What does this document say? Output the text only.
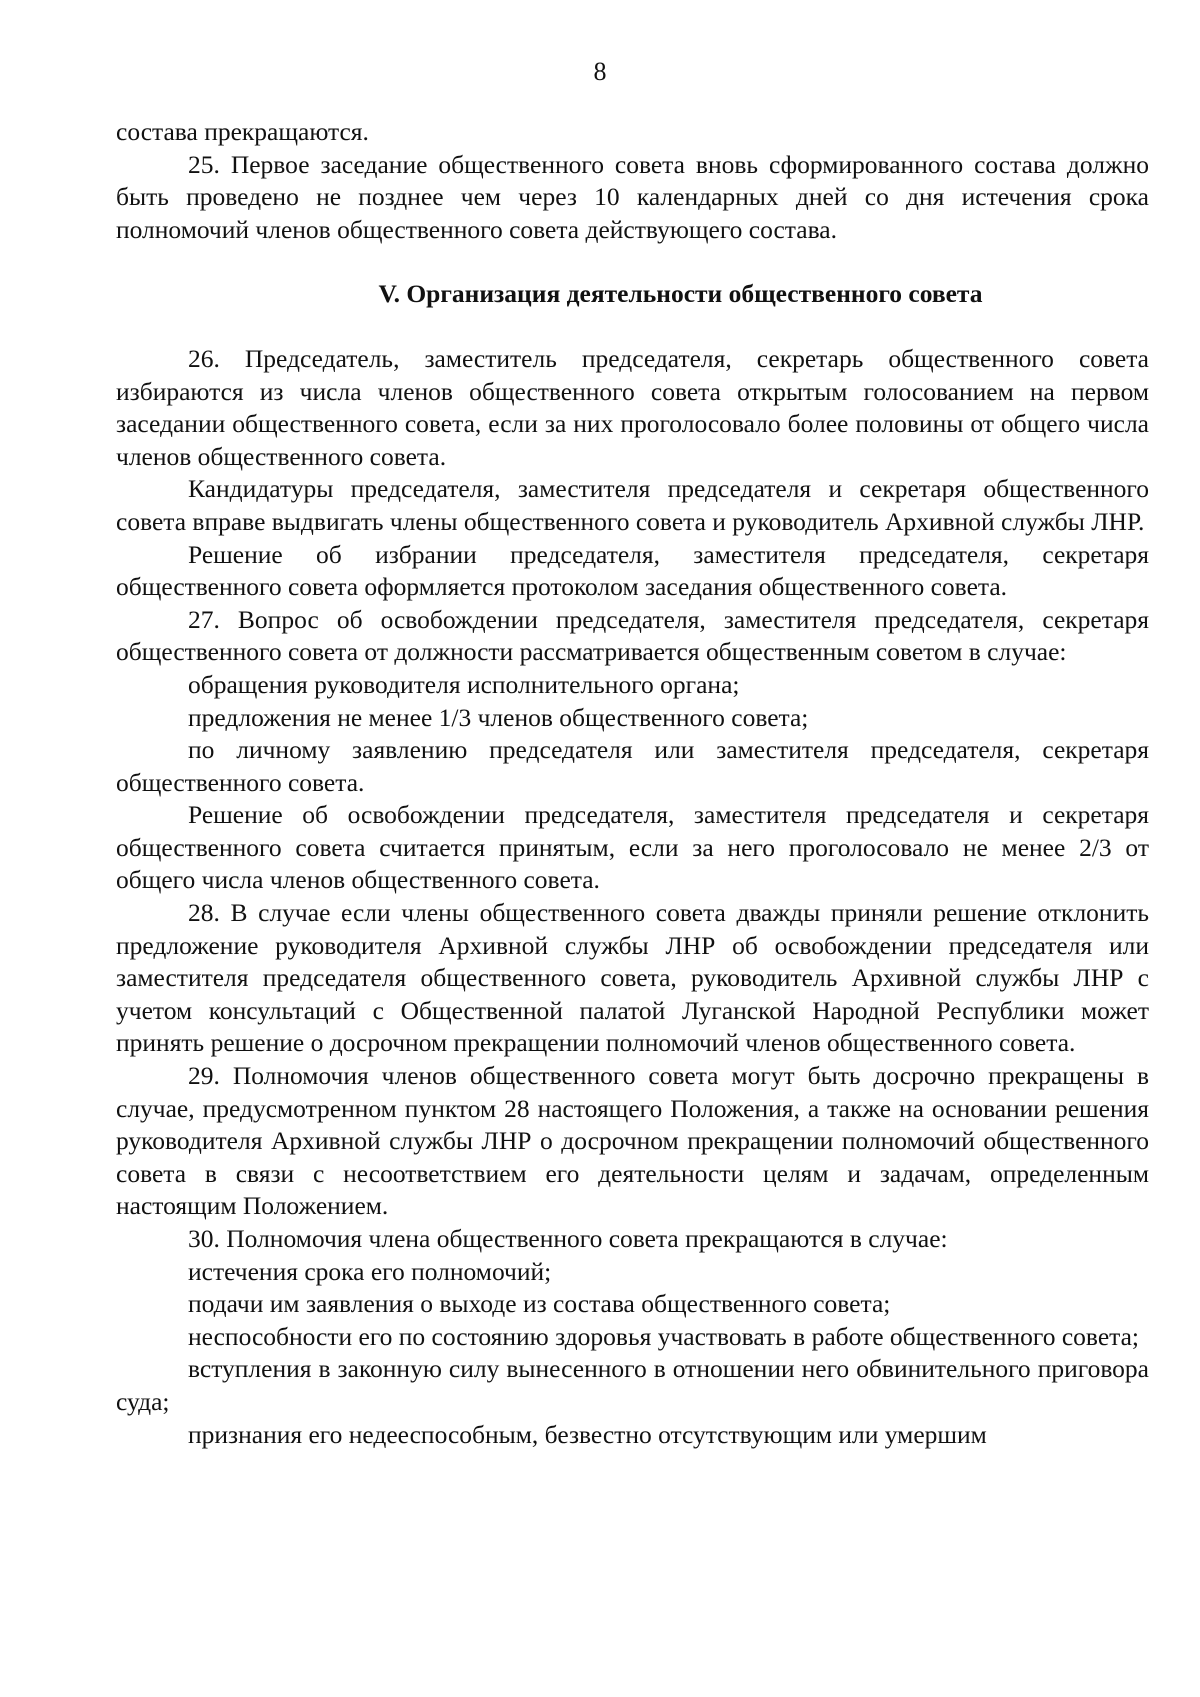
8

состава прекращаются.

25. Первое заседание общественного совета вновь сформированного состава должно быть проведено не позднее чем через 10 календарных дней со дня истечения срока полномочий членов общественного совета действующего состава.

V. Организация деятельности общественного совета

26. Председатель, заместитель председателя, секретарь общественного совета избираются из числа членов общественного совета открытым голосованием на первом заседании общественного совета, если за них проголосовало более половины от общего числа членов общественного совета.

Кандидатуры председателя, заместителя председателя и секретаря общественного совета вправе выдвигать члены общественного совета и руководитель Архивной службы ЛНР.

Решение об избрании председателя, заместителя председателя, секретаря общественного совета оформляется протоколом заседания общественного совета.

27. Вопрос об освобождении председателя, заместителя председателя, секретаря общественного совета от должности рассматривается общественным советом в случае:

обращения руководителя исполнительного органа;

предложения не менее 1/3 членов общественного совета;

по личному заявлению председателя или заместителя председателя, секретаря общественного совета.

Решение об освобождении председателя, заместителя председателя и секретаря общественного совета считается принятым, если за него проголосовало не менее 2/3 от общего числа членов общественного совета.

28. В случае если члены общественного совета дважды приняли решение отклонить предложение руководителя Архивной службы ЛНР об освобождении председателя или заместителя председателя общественного совета, руководитель Архивной службы ЛНР с учетом консультаций с Общественной палатой Луганской Народной Республики может принять решение о досрочном прекращении полномочий членов общественного совета.

29. Полномочия членов общественного совета могут быть досрочно прекращены в случае, предусмотренном пунктом 28 настоящего Положения, а также на основании решения руководителя Архивной службы ЛНР о досрочном прекращении полномочий общественного совета в связи с несоответствием его деятельности целям и задачам, определенным настоящим Положением.

30. Полномочия члена общественного совета прекращаются в случае:

истечения срока его полномочий;

подачи им заявления о выходе из состава общественного совета;

неспособности его по состоянию здоровья участвовать в работе общественного совета;

вступления в законную силу вынесенного в отношении него обвинительного приговора суда;

признания его недееспособным, безвестно отсутствующим или умершим
